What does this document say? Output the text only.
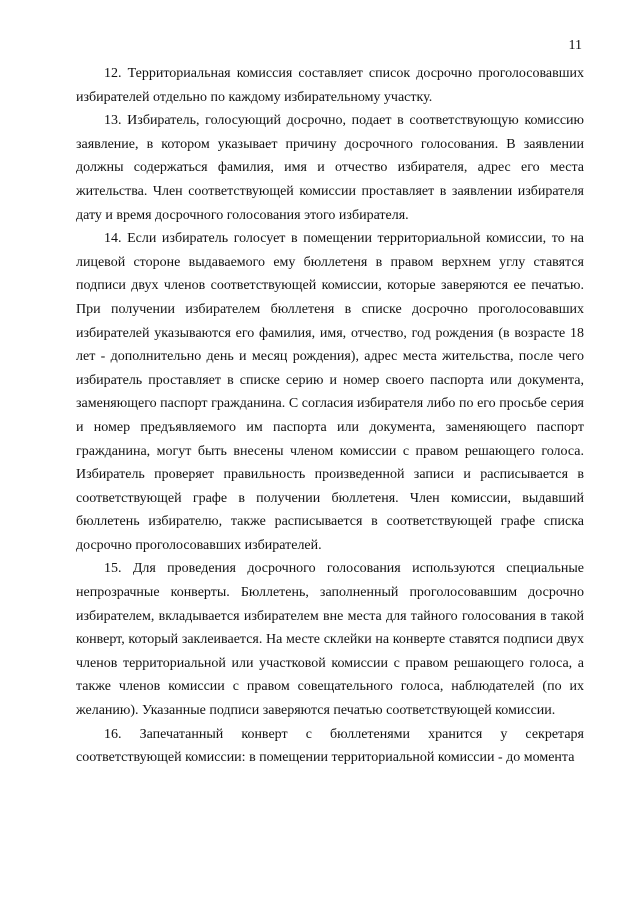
11

12. Территориальная комиссия составляет список досрочно проголосовавших избирателей отдельно по каждому избирательному участку.

13. Избиратель, голосующий досрочно, подает в соответствующую комиссию заявление, в котором указывает причину досрочного голосования. В заявлении должны содержаться фамилия, имя и отчество избирателя, адрес его места жительства. Член соответствующей комиссии проставляет в заявлении избирателя дату и время досрочного голосования этого избирателя.

14. Если избиратель голосует в помещении территориальной комиссии, то на лицевой стороне выдаваемого ему бюллетеня в правом верхнем углу ставятся подписи двух членов соответствующей комиссии, которые заверяются ее печатью. При получении избирателем бюллетеня в списке досрочно проголосовавших избирателей указываются его фамилия, имя, отчество, год рождения (в возрасте 18 лет - дополнительно день и месяц рождения), адрес места жительства, после чего избиратель проставляет в списке серию и номер своего паспорта или документа, заменяющего паспорт гражданина. С согласия избирателя либо по его просьбе серия и номер предъявляемого им паспорта или документа, заменяющего паспорт гражданина, могут быть внесены членом комиссии с правом решающего голоса. Избиратель проверяет правильность произведенной записи и расписывается в соответствующей графе в получении бюллетеня. Член комиссии, выдавший бюллетень избирателю, также расписывается в соответствующей графе списка досрочно проголосовавших избирателей.

15. Для проведения досрочного голосования используются специальные непрозрачные конверты. Бюллетень, заполненный проголосовавшим досрочно избирателем, вкладывается избирателем вне места для тайного голосования в такой конверт, который заклеивается. На месте склейки на конверте ставятся подписи двух членов территориальной или участковой комиссии с правом решающего голоса, а также членов комиссии с правом совещательного голоса, наблюдателей (по их желанию). Указанные подписи заверяются печатью соответствующей комиссии.

16. Запечатанный конверт с бюллетенями хранится у секретаря соответствующей комиссии: в помещении территориальной комиссии - до момента
